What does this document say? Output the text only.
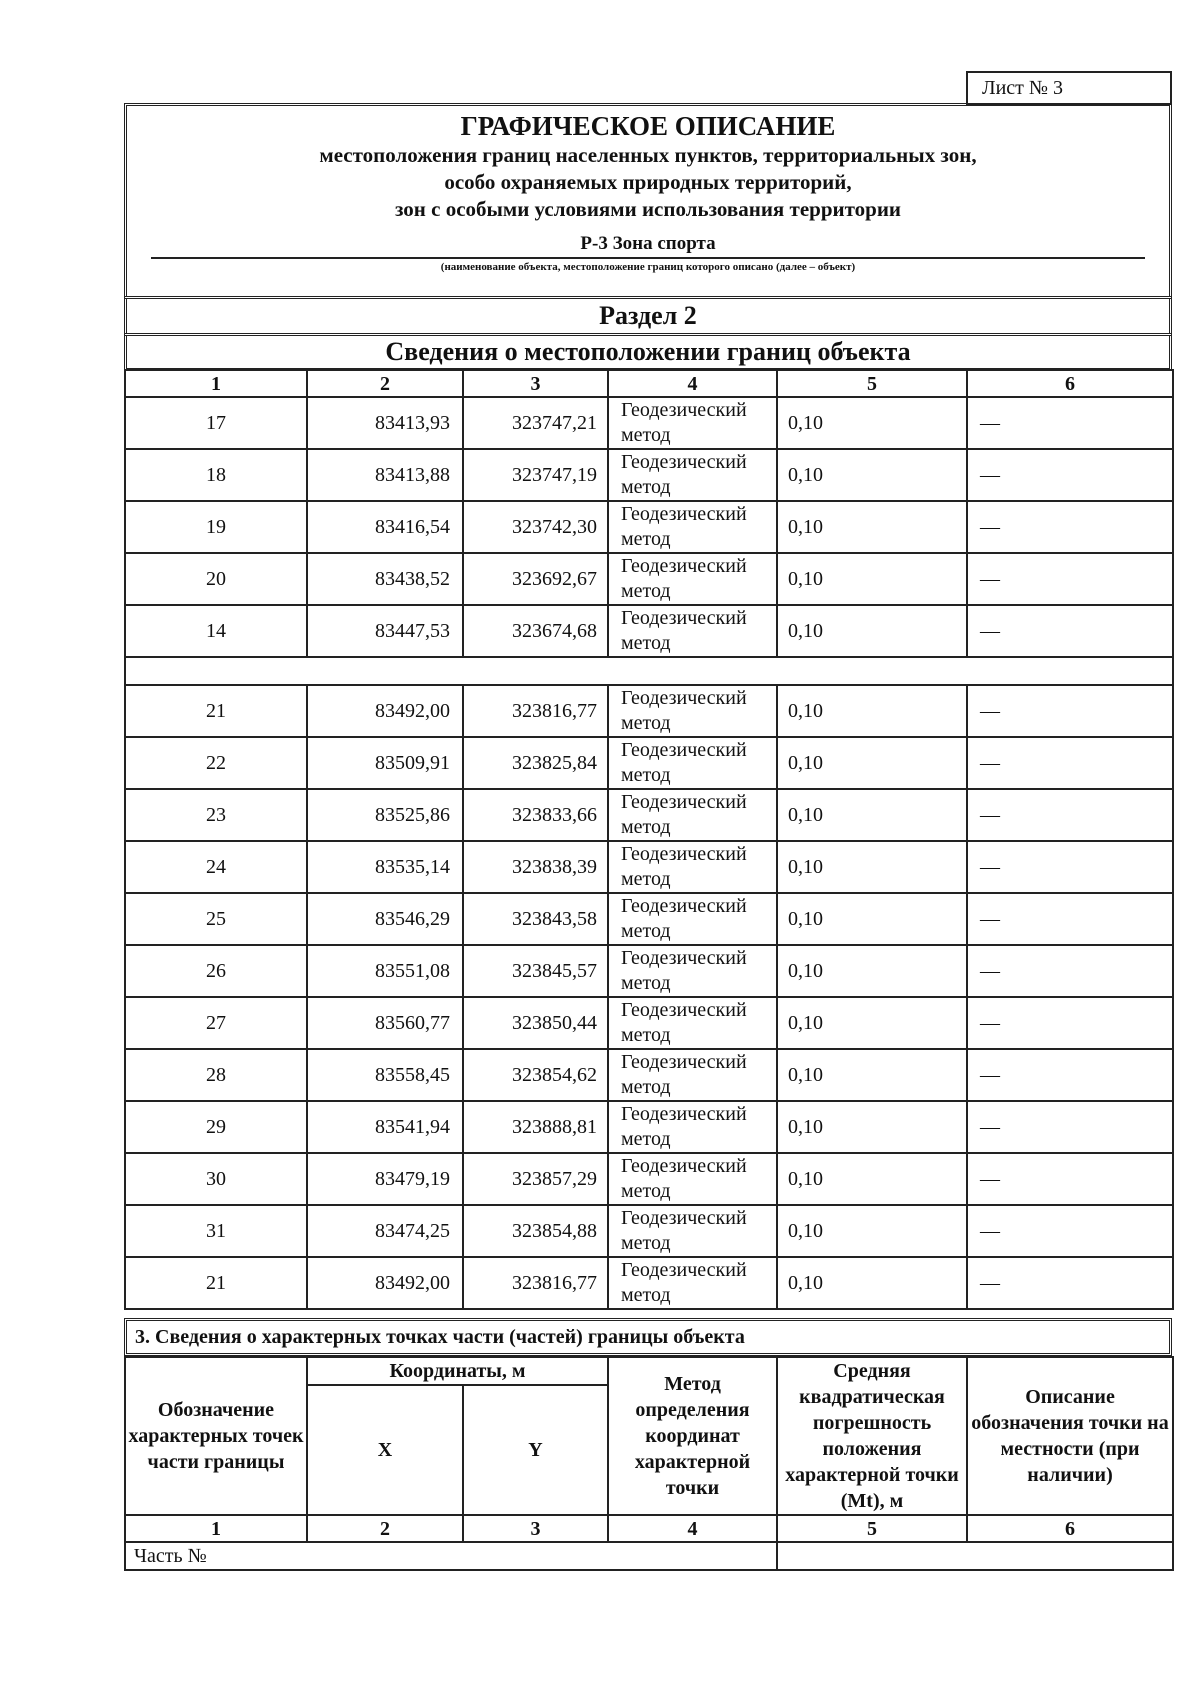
Лист № 3
ГРАФИЧЕСКОЕ ОПИСАНИЕ
местоположения границ населенных пунктов, территориальных зон,
особо охраняемых природных территорий,
зон с особыми условиями использования территории
Р-3 Зона спорта
(наименование объекта, местоположение границ которого описано (далее – объект)
Раздел 2
Сведения о местоположении границ объекта
1	2	3	4	5	6
17	83413,93	323747,21	Геодезический метод	0,10	—
18	83413,88	323747,19	Геодезический метод	0,10	—
19	83416,54	323742,30	Геодезический метод	0,10	—
20	83438,52	323692,67	Геодезический метод	0,10	—
14	83447,53	323674,68	Геодезический метод	0,10	—

21	83492,00	323816,77	Геодезический метод	0,10	—
22	83509,91	323825,84	Геодезический метод	0,10	—
23	83525,86	323833,66	Геодезический метод	0,10	—
24	83535,14	323838,39	Геодезический метод	0,10	—
25	83546,29	323843,58	Геодезический метод	0,10	—
26	83551,08	323845,57	Геодезический метод	0,10	—
27	83560,77	323850,44	Геодезический метод	0,10	—
28	83558,45	323854,62	Геодезический метод	0,10	—
29	83541,94	323888,81	Геодезический метод	0,10	—
30	83479,19	323857,29	Геодезический метод	0,10	—
31	83474,25	323854,88	Геодезический метод	0,10	—
21	83492,00	323816,77	Геодезический метод	0,10	—
3. Сведения о характерных точках части (частей) границы объекта
Обозначение характерных точек части границы	Координаты, м		Метод определения координат характерной точки	Средняя квадратическая погрешность положения характерной точки (Mt), м	Описание обозначения точки на местности (при наличии)
	X	Y			
1	2	3	4	5	6
Часть №					
